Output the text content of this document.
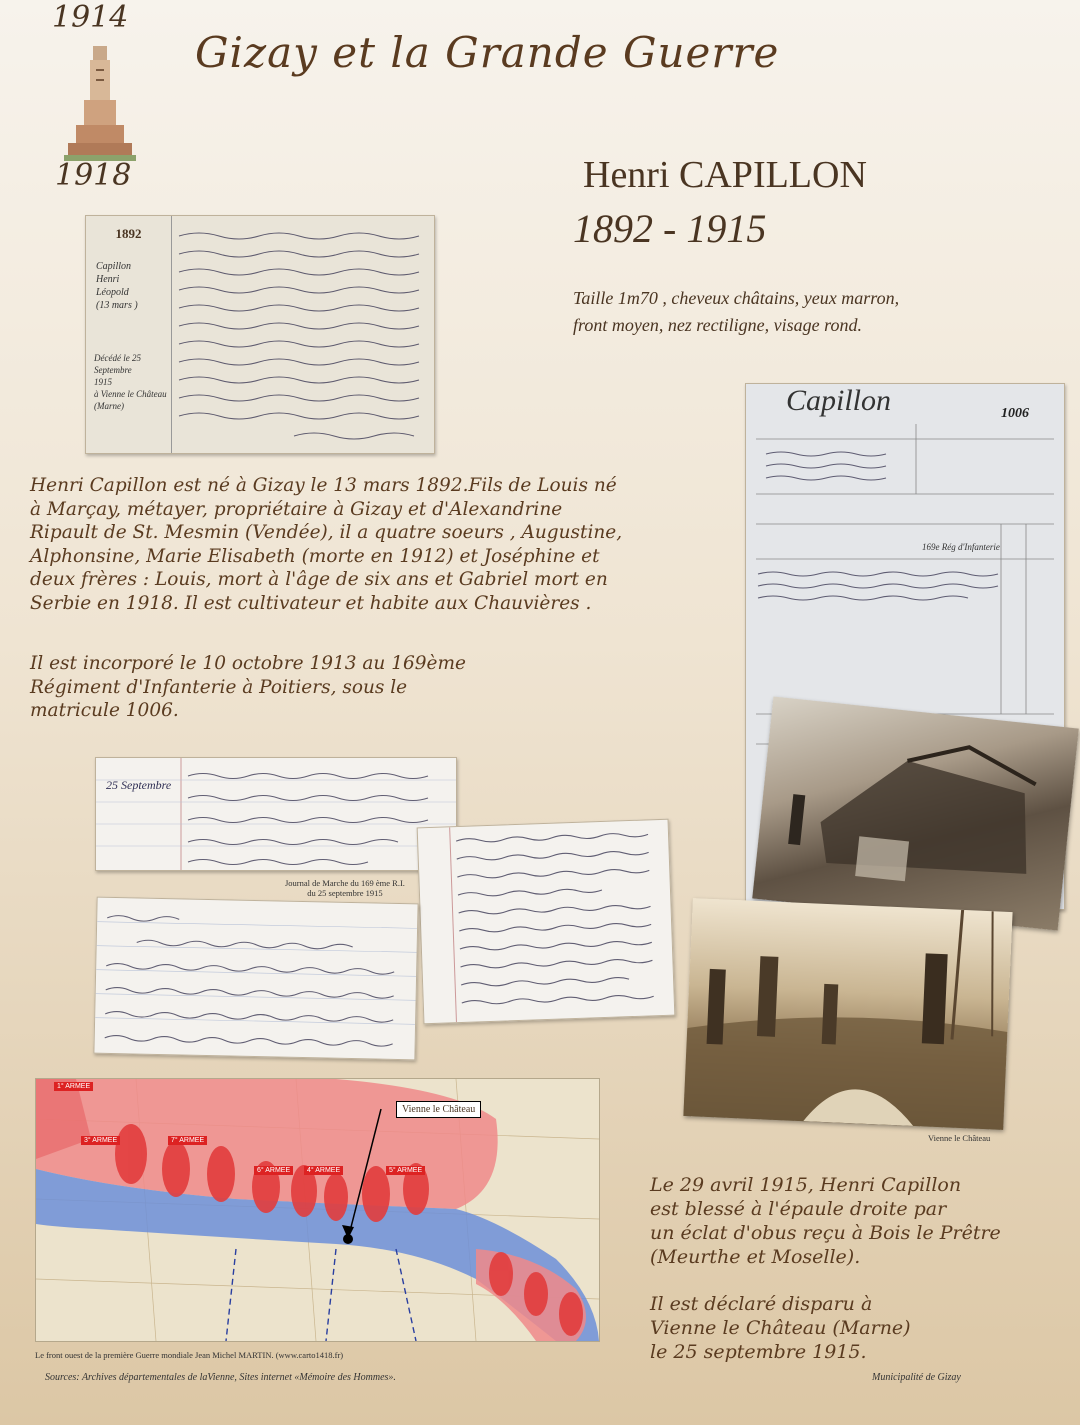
1914
1918
Gizay et la Grande Guerre
Henri CAPILLON
1892 - 1915
Taille 1m70 , cheveux châtains, yeux marron,
front moyen, nez rectiligne, visage rond.
1892
Capillon
Henri
Léopold
(13 mars )
Décédé le 25
Septembre
1915
à Vienne le Château
(Marne)	Capillon	1006
169e Rég d'Infanterie
Henri Capillon est né à Gizay le 13 mars 1892.Fils de Louis né
à Marçay, métayer, propriétaire à Gizay et d'Alexandrine
Ripault de St. Mesmin (Vendée), il a quatre soeurs , Augustine,
Alphonsine, Marie Elisabeth (morte en 1912) et Joséphine et
deux frères : Louis, mort à l'âge de six ans et Gabriel mort en
Serbie en 1918. Il est cultivateur et habite aux Chauvières .
Il est incorporé le 10 octobre 1913 au 169ème
Régiment d'Infanterie à Poitiers, sous le
matricule 1006.
25 Septembre
Journal de Marche du 169 ème R.I.
du 25 septembre 1915
Vienne le Château
1° ARMEE
7° ARMEE
6° ARMEE	4° ARMEE	5° ARMEE
3° ARMEE
Vienne le Château
Le front ouest de la première Guerre mondiale Jean Michel MARTIN. (www.carto1418.fr)
Le 29 avril 1915, Henri Capillon
est blessé à l'épaule droite par
un éclat d'obus reçu à Bois le Prêtre
(Meurthe et Moselle).
Il est déclaré disparu à
Vienne le Château (Marne)
le 25 septembre 1915.
Sources: Archives départementales de laVienne, Sites internet «Mémoire des Hommes».	Municipalité de Gizay
